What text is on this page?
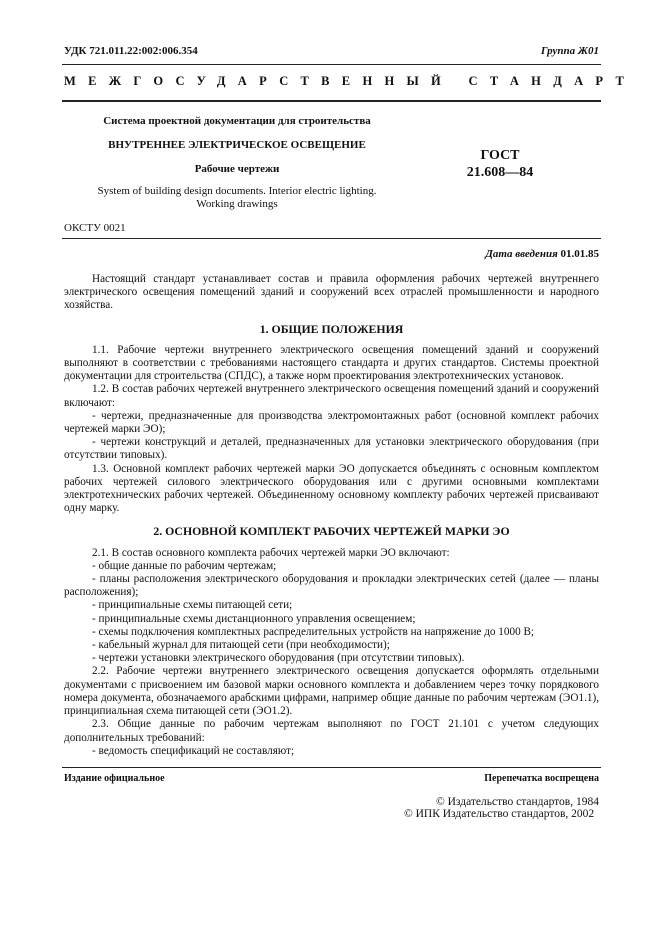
УДК 721.011.22:002:006.354	Группа Ж01
МЕЖГОСУДАРСТВЕННЫЙ СТАНДАРТ
Система проектной документации для строительства
ВНУТРЕННЕЕ ЭЛЕКТРИЧЕСКОЕ ОСВЕЩЕНИЕ
Рабочие чертежи
System of building design documents. Interior electric lighting.
Working drawings
ГОСТ
21.608—84
ОКСТУ 0021
Дата введения 01.01.85

Настоящий стандарт устанавливает состав и правила оформления рабочих чертежей внутреннего электрического освещения помещений зданий и сооружений всех отраслей промышленности и народного хозяйства.

1. ОБЩИЕ ПОЛОЖЕНИЯ

1.1. Рабочие чертежи внутреннего электрического освещения помещений зданий и сооружений выполняют в соответствии с требованиями настоящего стандарта и других стандартов. Системы проектной документации для строительства (СПДС), а также норм проектирования электротехнических установок.

1.2. В состав рабочих чертежей внутреннего электрического освещения помещений зданий и сооружений включают:

- чертежи, предназначенные для производства электромонтажных работ (основной комплект рабочих чертежей марки ЭО);

- чертежи конструкций и деталей, предназначенных для установки электрического оборудования (при отсутствии типовых).

1.3. Основной комплект рабочих чертежей марки ЭО допускается объединять с основным комплектом рабочих чертежей силового электрического оборудования или с другими основными комплектами электротехнических рабочих чертежей. Объединенному основному комплекту рабочих чертежей присваивают одну марку.

2. ОСНОВНОЙ КОМПЛЕКТ РАБОЧИХ ЧЕРТЕЖЕЙ МАРКИ ЭО

2.1. В состав основного комплекта рабочих чертежей марки ЭО включают:

- общие данные по рабочим чертежам;

- планы расположения электрического оборудования и прокладки электрических сетей (далее — планы расположения);

- принципиальные схемы питающей сети;

- принципиальные схемы дистанционного управления освещением;

- схемы подключения комплектных распределительных устройств на напряжение до 1000 В;

- кабельный журнал для питающей сети (при необходимости);

- чертежи установки электрического оборудования (при отсутствии типовых).

2.2. Рабочие чертежи внутреннего электрического освещения допускается оформлять отдельными документами с присвоением им базовой марки основного комплекта и добавлением через точку порядкового номера документа, обозначаемого арабскими цифрами, например общие данные по рабочим чертежам (ЭО1.1), принципиальная схема питающей сети (ЭО1.2).

2.3. Общие данные по рабочим чертежам выполняют по ГОСТ 21.101 с учетом следующих дополнительных требований:

- ведомость спецификаций не составляют;

Издание официальное	Перепечатка воспрещена
© Издательство стандартов, 1984
© ИПК Издательство стандартов, 2002
